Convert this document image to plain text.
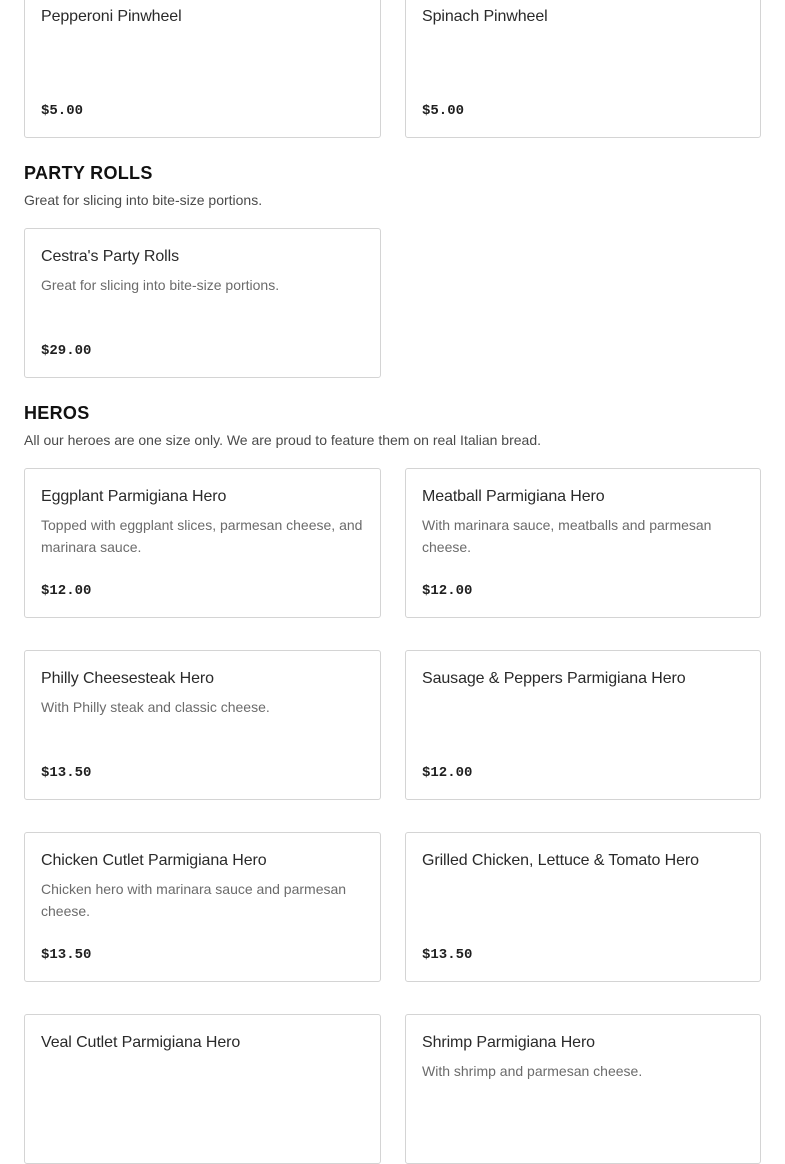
Pepperoni Pinwheel
$5.00
Spinach Pinwheel
$5.00
PARTY ROLLS

Great for slicing into bite-size portions.

Cestra's Party Rolls
Great for slicing into bite-size portions.
$29.00
HEROS

All our heroes are one size only. We are proud to feature them on real Italian bread.

Eggplant Parmigiana Hero
Topped with eggplant slices, parmesan cheese, and marinara sauce.
$12.00
Meatball Parmigiana Hero
With marinara sauce, meatballs and parmesan cheese.
$12.00
Philly Cheesesteak Hero
With Philly steak and classic cheese.
$13.50
Sausage & Peppers Parmigiana Hero
$12.00
Chicken Cutlet Parmigiana Hero
Chicken hero with marinara sauce and parmesan cheese.
$13.50
Grilled Chicken, Lettuce & Tomato Hero
$13.50
Veal Cutlet Parmigiana Hero	Shrimp Parmigiana Hero
With shrimp and parmesan cheese.
